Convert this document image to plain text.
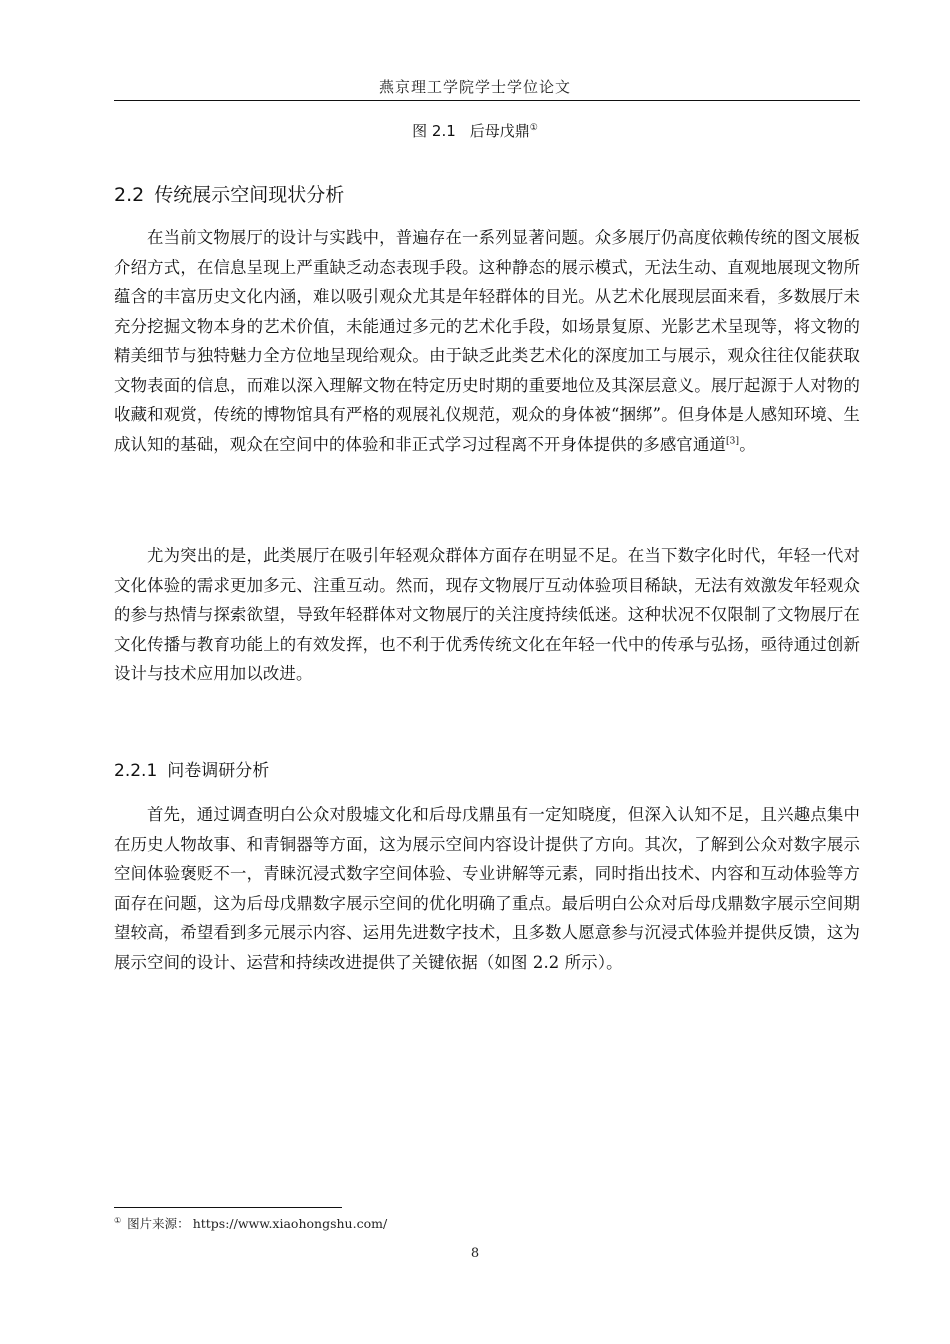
燕京理工学院学士学位论文
图 2.1 后母戊鼎①
2.2 传统展示空间现状分析

在当前文物展厅的设计与实践中，普遍存在一系列显著问题。众多展厅仍高度依赖传统的图文展板介绍方式，在信息呈现上严重缺乏动态表现手段。这种静态的展示模式，无法生动、直观地展现文物所蕴含的丰富历史文化内涵，难以吸引观众尤其是年轻群体的目光。从艺术化展现层面来看，多数展厅未充分挖掘文物本身的艺术价值，未能通过多元的艺术化手段，如场景复原、光影艺术呈现等，将文物的精美细节与独特魅力全方位地呈现给观众。由于缺乏此类艺术化的深度加工与展示，观众往往仅能获取文物表面的信息，而难以深入理解文物在特定历史时期的重要地位及其深层意义。展厅起源于人对物的收藏和观赏，传统的博物馆具有严格的观展礼仪规范，观众的身体被“捆绑”。但身体是人感知环境、生成认知的基础，观众在空间中的体验和非正式学习过程离不开身体提供的多感官通道[3]。

尤为突出的是，此类展厅在吸引年轻观众群体方面存在明显不足。在当下数字化时代，年轻一代对文化体验的需求更加多元、注重互动。然而，现存文物展厅互动体验项目稀缺，无法有效激发年轻观众的参与热情与探索欲望，导致年轻群体对文物展厅的关注度持续低迷。这种状况不仅限制了文物展厅在文化传播与教育功能上的有效发挥，也不利于优秀传统文化在年轻一代中的传承与弘扬，亟待通过创新设计与技术应用加以改进。

2.2.1 问卷调研分析

首先，通过调查明白公众对殷墟文化和后母戊鼎虽有一定知晓度，但深入认知不足，且兴趣点集中在历史人物故事、和青铜器等方面，这为展示空间内容设计提供了方向。其次，了解到公众对数字展示空间体验褒贬不一，青睐沉浸式数字空间体验、专业讲解等元素，同时指出技术、内容和互动体验等方面存在问题，这为后母戊鼎数字展示空间的优化明确了重点。最后明白公众对后母戊鼎数字展示空间期望较高，希望看到多元展示内容、运用先进数字技术，且多数人愿意参与沉浸式体验并提供反馈，这为展示空间的设计、运营和持续改进提供了关键依据（如图 2.2 所示）。

① 图片来源： https://www.xiaohongshu.com/
8
